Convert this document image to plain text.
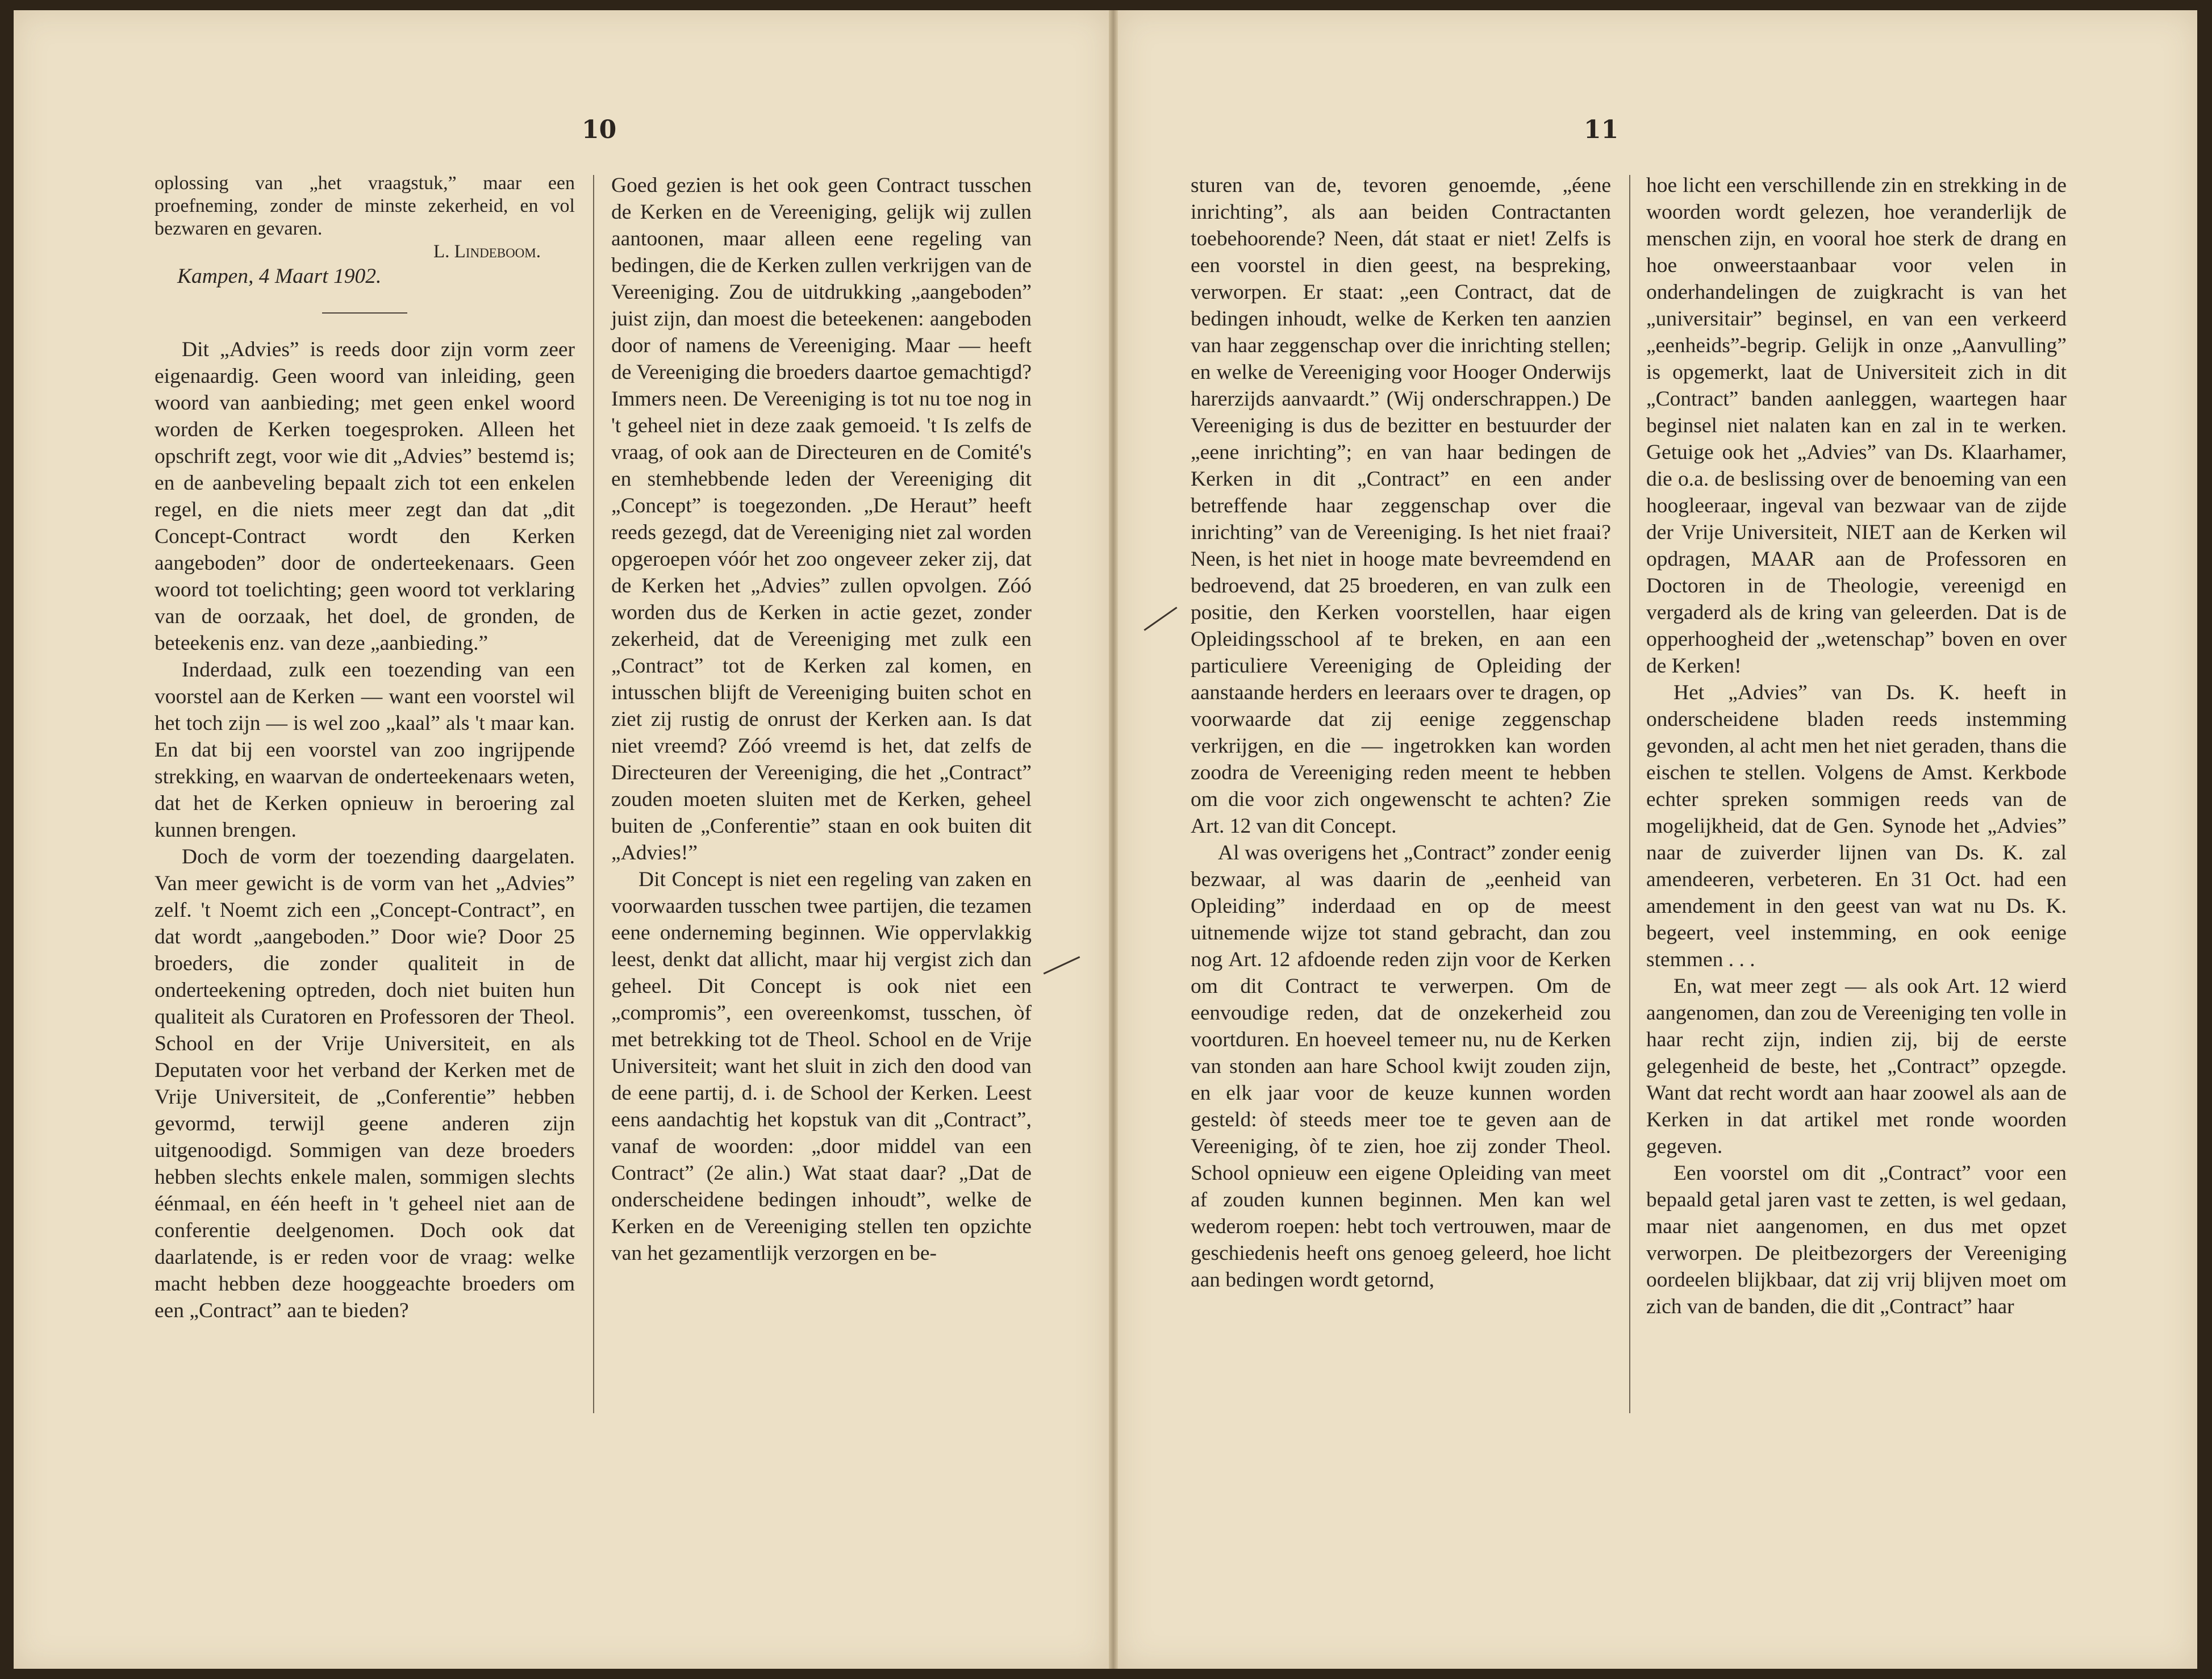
10

oplossing van „het vraagstuk,” maar een proefneming, zonder de minste zekerheid, en vol bezwaren en gevaren.

L. Lindeboom.

Kampen, 4 Maart 1902.

Dit „Advies” is reeds door zijn vorm zeer eigenaardig. Geen woord van inleiding, geen woord van aanbieding; met geen enkel woord worden de Kerken toegesproken. Alleen het opschrift zegt, voor wie dit „Advies” bestemd is; en de aanbeveling bepaalt zich tot een enkelen regel, en die niets meer zegt dan dat „dit Concept-Contract wordt den Kerken aangeboden” door de onderteekenaars. Geen woord tot toelichting; geen woord tot verklaring van de oorzaak, het doel, de gronden, de beteekenis enz. van deze „aanbieding.”

Inderdaad, zulk een toezending van een voorstel aan de Kerken — want een voorstel wil het toch zijn — is wel zoo „kaal” als 't maar kan. En dat bij een voorstel van zoo ingrijpende strekking, en waarvan de onderteekenaars weten, dat het de Kerken opnieuw in beroering zal kunnen brengen.

Doch de vorm der toezending daargelaten. Van meer gewicht is de vorm van het „Advies” zelf. 't Noemt zich een „Concept-Contract”, en dat wordt „aangeboden.” Door wie? Door 25 broeders, die zonder qualiteit in de onderteekening optreden, doch niet buiten hun qualiteit als Curatoren en Professoren der Theol. School en der Vrije Universiteit, en als Deputaten voor het verband der Kerken met de Vrije Universiteit, de „Conferentie” hebben gevormd, terwijl geene anderen zijn uitgenoodigd. Sommigen van deze broeders hebben slechts enkele malen, sommigen slechts éénmaal, en één heeft in 't geheel niet aan de conferentie deelgenomen. Doch ook dat daarlatende, is er reden voor de vraag: welke macht hebben deze hooggeachte broeders om een „Contract” aan te bieden?

Goed gezien is het ook geen Contract tusschen de Kerken en de Vereeniging, gelijk wij zullen aantoonen, maar alleen eene regeling van bedingen, die de Kerken zullen verkrijgen van de Vereeniging. Zou de uitdrukking „aangeboden” juist zijn, dan moest die beteekenen: aangeboden door of namens de Vereeniging. Maar — heeft de Vereeniging die broeders daartoe gemachtigd? Immers neen. De Vereeniging is tot nu toe nog in 't geheel niet in deze zaak gemoeid. 't Is zelfs de vraag, of ook aan de Directeuren en de Comité's en stemhebbende leden der Vereeniging dit „Concept” is toegezonden. „De Heraut” heeft reeds gezegd, dat de Vereeniging niet zal worden opgeroepen vóór het zoo ongeveer zeker zij, dat de Kerken het „Advies” zullen opvolgen. Zóó worden dus de Kerken in actie gezet, zonder zekerheid, dat de Vereeniging met zulk een „Contract” tot de Kerken zal komen, en intusschen blijft de Vereeniging buiten schot en ziet zij rustig de onrust der Kerken aan. Is dat niet vreemd? Zóó vreemd is het, dat zelfs de Directeuren der Vereeniging, die het „Contract” zouden moeten sluiten met de Kerken, geheel buiten de „Conferentie” staan en ook buiten dit „Advies!”

Dit Concept is niet een regeling van zaken en voorwaarden tusschen twee partijen, die tezamen eene onderneming beginnen. Wie oppervlakkig leest, denkt dat allicht, maar hij vergist zich dan geheel. Dit Concept is ook niet een „compromis”, een overeenkomst, tusschen, òf met betrekking tot de Theol. School en de Vrije Universiteit; want het sluit in zich den dood van de eene partij, d. i. de School der Kerken. Leest eens aandachtig het kopstuk van dit „Contract”, vanaf de woorden: „door middel van een Contract” (2e alin.) Wat staat daar? „Dat de onderscheidene bedingen inhoudt”, welke de Kerken en de Vereeniging stellen ten opzichte van het gezamentlijk verzorgen en be-

11

sturen van de, tevoren genoemde, „éene inrichting”, als aan beiden Contractanten toebehoorende? Neen, dát staat er niet! Zelfs is een voorstel in dien geest, na bespreking, verworpen. Er staat: „een Contract, dat de bedingen inhoudt, welke de Kerken ten aanzien van haar zeggenschap over die inrichting stellen; en welke de Vereeniging voor Hooger Onderwijs harerzijds aanvaardt.” (Wij onderschrappen.) De Vereeniging is dus de bezitter en bestuurder der „eene inrichting”; en van haar bedingen de Kerken in dit „Contract” en een ander betreffende haar zeggenschap over die inrichting” van de Vereeniging. Is het niet fraai? Neen, is het niet in hooge mate bevreemdend en bedroevend, dat 25 broederen, en van zulk een positie, den Kerken voorstellen, haar eigen Opleidingsschool af te breken, en aan een particuliere Vereeniging de Opleiding der aanstaande herders en leeraars over te dragen, op voorwaarde dat zij eenige zeggenschap verkrijgen, en die — ingetrokken kan worden zoodra de Vereeniging reden meent te hebben om die voor zich ongewenscht te achten? Zie Art. 12 van dit Concept.

Al was overigens het „Contract” zonder eenig bezwaar, al was daarin de „eenheid van Opleiding” inderdaad en op de meest uitnemende wijze tot stand gebracht, dan zou nog Art. 12 afdoende reden zijn voor de Kerken om dit Contract te verwerpen. Om de eenvoudige reden, dat de onzekerheid zou voortduren. En hoeveel temeer nu, nu de Kerken van stonden aan hare School kwijt zouden zijn, en elk jaar voor de keuze kunnen worden gesteld: òf steeds meer toe te geven aan de Vereeniging, òf te zien, hoe zij zonder Theol. School opnieuw een eigene Opleiding van meet af zouden kunnen beginnen. Men kan wel wederom roepen: hebt toch vertrouwen, maar de geschiedenis heeft ons genoeg geleerd, hoe licht aan bedingen wordt getornd,

hoe licht een verschillende zin en strekking in de woorden wordt gelezen, hoe veranderlijk de menschen zijn, en vooral hoe sterk de drang en hoe onweerstaanbaar voor velen in onderhandelingen de zuigkracht is van het „universitair” beginsel, en van een verkeerd „eenheids”-begrip. Gelijk in onze „Aanvulling” is opgemerkt, laat de Universiteit zich in dit „Contract” banden aanleggen, waartegen haar beginsel niet nalaten kan en zal in te werken. Getuige ook het „Advies” van Ds. Klaarhamer, die o.a. de beslissing over de benoeming van een hoogleeraar, ingeval van bezwaar van de zijde der Vrije Universiteit, NIET aan de Kerken wil opdragen, MAAR aan de Professoren en Doctoren in de Theologie, vereenigd en vergaderd als de kring van geleerden. Dat is de opperhoogheid der „wetenschap” boven en over de Kerken!

Het „Advies” van Ds. K. heeft in onderscheidene bladen reeds instemming gevonden, al acht men het niet geraden, thans die eischen te stellen. Volgens de Amst. Kerkbode echter spreken sommigen reeds van de mogelijkheid, dat de Gen. Synode het „Advies” naar de zuiverder lijnen van Ds. K. zal amendeeren, verbeteren. En 31 Oct. had een amendement in den geest van wat nu Ds. K. begeert, veel instemming, en ook eenige stemmen . . .

En, wat meer zegt — als ook Art. 12 wierd aangenomen, dan zou de Vereeniging ten volle in haar recht zijn, indien zij, bij de eerste gelegenheid de beste, het „Contract” opzegde. Want dat recht wordt aan haar zoowel als aan de Kerken in dat artikel met ronde woorden gegeven.

Een voorstel om dit „Contract” voor een bepaald getal jaren vast te zetten, is wel gedaan, maar niet aangenomen, en dus met opzet verworpen. De pleitbezorgers der Vereeniging oordeelen blijkbaar, dat zij vrij blijven moet om zich van de banden, die dit „Contract” haar
